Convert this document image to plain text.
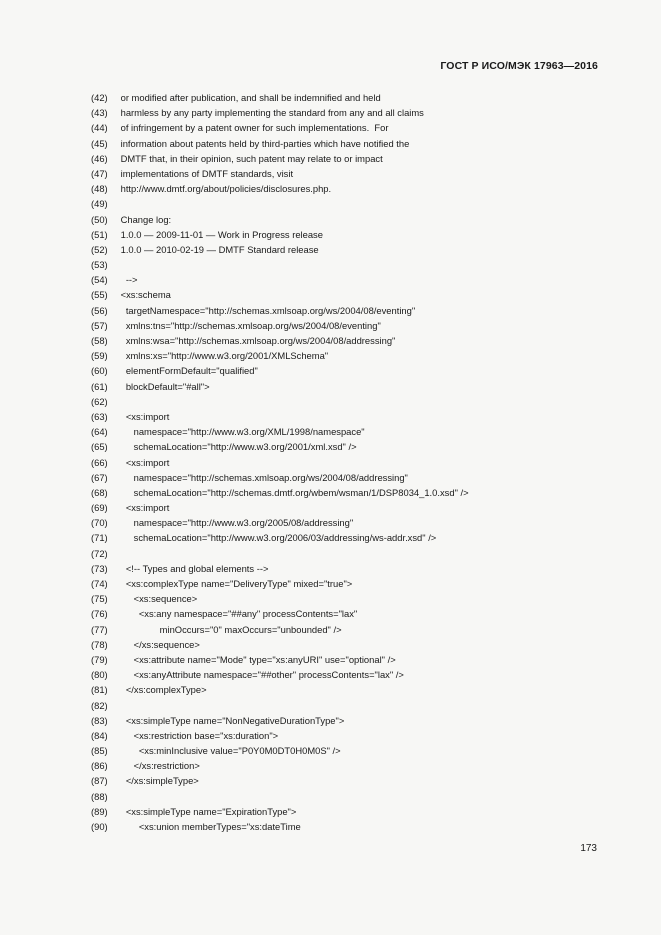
ГОСТ Р ИСО/МЭК 17963—2016
(42) or modified after publication, and shall be indemnified and held
(43) harmless by any party implementing the standard from any and all claims
(44) of infringement by a patent owner for such implementations.  For
(45) information about patents held by third-parties which have notified the
(46) DMTF that, in their opinion, such patent may relate to or impact
(47) implementations of DMTF standards, visit
(48) http://www.dmtf.org/about/policies/disclosures.php.
(49)
(50) Change log:
(51) 1.0.0 — 2009-11-01 — Work in Progress release
(52) 1.0.0 — 2010-02-19 — DMTF Standard release
(53)
(54)   -->
(55) <xs:schema
(56)   targetNamespace="http://schemas.xmlsoap.org/ws/2004/08/eventing"
(57)   xmlns:tns="http://schemas.xmlsoap.org/ws/2004/08/eventing"
(58)   xmlns:wsa="http://schemas.xmlsoap.org/ws/2004/08/addressing"
(59)   xmlns:xs="http://www.w3.org/2001/XMLSchema"
(60)   elementFormDefault="qualified"
(61)   blockDefault="#all">
(62)
(63)   <xs:import
(64)      namespace="http://www.w3.org/XML/1998/namespace"
(65)      schemaLocation="http://www.w3.org/2001/xml.xsd" />
(66)   <xs:import
(67)      namespace="http://schemas.xmlsoap.org/ws/2004/08/addressing"
(68)      schemaLocation="http://schemas.dmtf.org/wbem/wsman/1/DSP8034_1.0.xsd" />
(69)   <xs:import
(70)      namespace="http://www.w3.org/2005/08/addressing"
(71)      schemaLocation="http://www.w3.org/2006/03/addressing/ws-addr.xsd" />
(72)
(73)   <!-- Types and global elements -->
(74)   <xs:complexType name="DeliveryType" mixed="true">
(75)      <xs:sequence>
(76)        <xs:any namespace="##any" processContents="lax"
(77)                minOccurs="0" maxOccurs="unbounded" />
(78)      </xs:sequence>
(79)      <xs:attribute name="Mode" type="xs:anyURI" use="optional" />
(80)      <xs:anyAttribute namespace="##other" processContents="lax" />
(81)   </xs:complexType>
(82)
(83)   <xs:simpleType name="NonNegativeDurationType">
(84)      <xs:restriction base="xs:duration">
(85)        <xs:minInclusive value="P0Y0M0DT0H0M0S" />
(86)      </xs:restriction>
(87)   </xs:simpleType>
(88)
(89)   <xs:simpleType name="ExpirationType">
(90)        <xs:union memberTypes="xs:dateTime
173
